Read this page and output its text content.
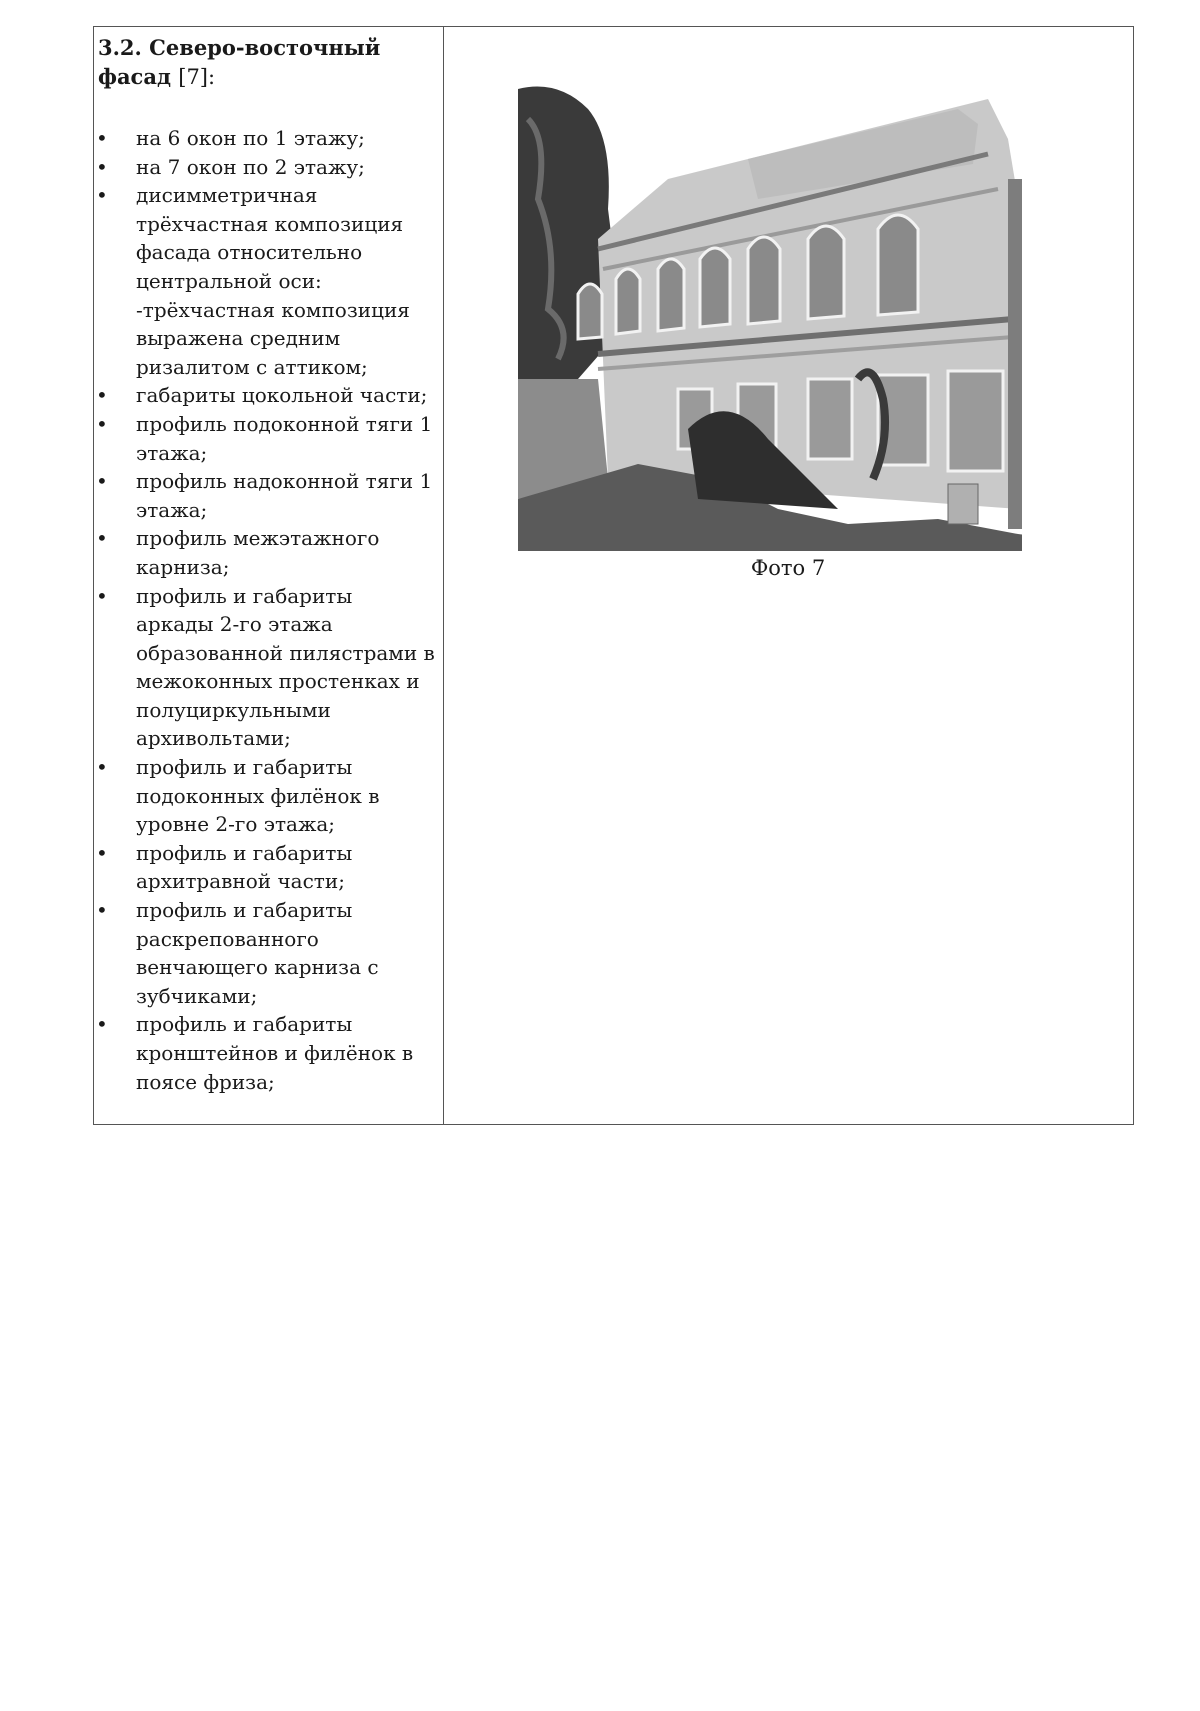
3.2. Северо-восточный фасад [7]:
• на 6 окон по 1 этажу;
• на 7 окон по 2 этажу;
• дисимметричная трёхчастная композиция фасада относительно центральной оси: -трёхчастная композиция выражена средним ризалитом с аттиком;
• габариты цокольной части;
• профиль подоконной тяги 1 этажа;
• профиль надоконной тяги 1 этажа;
• профиль межэтажного карниза;
• профиль и габариты аркады 2-го этажа образованной пилястрами в межоконных простенках и полуциркульными архивольтами;
• профиль и габариты подоконных филёнок в уровне 2-го этажа;
• профиль и габариты архитравной части;
• профиль и габариты раскрепованного венчающего карниза с зубчиками;
• профиль и габариты кронштейнов и филёнок в поясе фриза;
Фото 7
